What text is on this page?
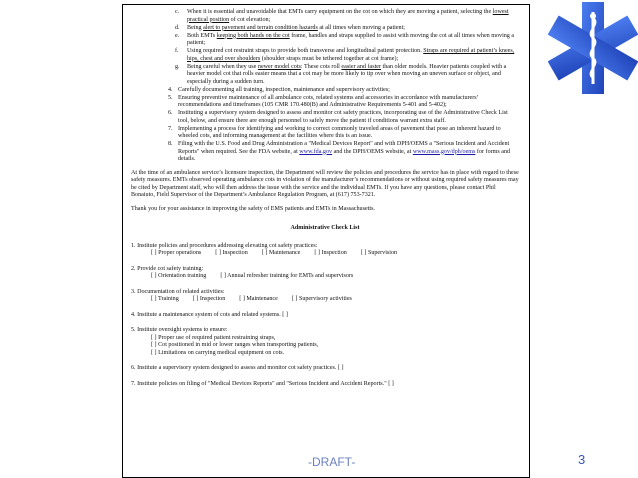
c. When it is essential and unavoidable that EMTs carry equipment on the cot on which they are moving a patient, selecting the lowest practical position of cot elevation;
d. Being alert to pavement and terrain condition hazards at all times when moving a patient;
e. Both EMTs keeping both hands on the cot frame, handles and straps supplied to assist with moving the cot at all times when moving a patient;
f. Using required cot restraint straps to provide both transverse and longitudinal patient protection. Straps are required at patient’s knees, hips, chest and over shoulders (shoulder straps must be tethered together at cot frame);
g. Being careful when they use newer model cots: These cots roll easier and faster than older models. Heavier patients coupled with a heavier model cot that rolls easier means that a cot may be more likely to tip over when moving an uneven surface or object, and especially during a sudden turn.
4. Carefully documenting all training, inspection, maintenance and supervisory activities;
5. Ensuring preventive maintenance of all ambulance cots, related systems and accessories in accordance with manufacturers’ recommendations and timeframes (105 CMR 170.480(B) and Administrative Requirements 5-401 and 5-402);
6. Instituting a supervisory system designed to assess and monitor cot safety practices, incorporating use of the Administrative Check List tool, below, and ensure there are enough personnel to safely move the patient if conditions warrant extra staff.
7. Implementing a process for identifying and working to correct commonly traveled areas of pavement that pose an inherent hazard to wheeled cots, and informing management at the facilities where this is an issue.
8. Filing with the U.S. Food and Drug Administration a "Medical Devices Report" and with DPH/OEMS a "Serious Incident and Accident Reports" when required. See the FDA website, at www.fda.gov and the DPH/OEMS website, at www.mass.gov/dph/oems for forms and details.

At the time of an ambulance service’s licensure inspection, the Department will review the policies and procedures the service has in place with regard to these safety measures. EMTs observed operating ambulance cots in violation of the manufacturer’s recommendations or without using required safety measures may be cited by Department staff, who will then address the issue with the service and the individual EMTs. If you have any questions, please contact Phil Bonaiuto, Field Supervisor of the Department’s Ambulance Regulation Program, at (617) 753-7321.

Thank you for your assistance in improving the safety of EMS patients and EMTs in Massachusetts.

Administrative Check List
1. Institute policies and procedures addressing elevating cot safety practices:
[ ] Proper operations [ ] Inspection [ ] Maintenance [ ] Inspection [ ] Supervision
2. Provide cot safety training:
[ ] Orientation training [ ] Annual refresher training for EMTs and supervisors
3. Documentation of related activities:
[ ] Training [ ] Inspection [ ] Maintenance [ ] Supervisory activities
4. Institute a maintenance system of cots and related systems. [ ]
5. Institute oversight systems to ensure:
[ ] Proper use of required patient restraining straps,
[ ] Cot positioned in mid or lower ranges when transporting patients,
[ ] Limitations on carrying medical equipment on cots.
6. Institute a supervisory system designed to assess and monitor cot safety practices. [ ]
7. Institute policies on filing of "Medical Devices Reports" and "Serious Incident and Accident Reports." [ ]
-DRAFT-	3
